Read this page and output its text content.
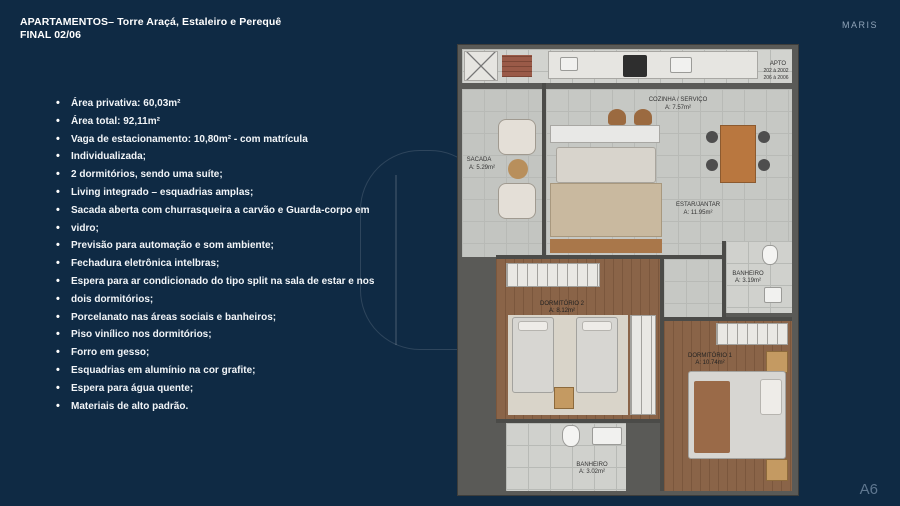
APARTAMENTOS– Torre Araçá, Estaleiro e Perequê
FINAL 02/06
MARIS
• Área privativa: 60,03m²
• Área total: 92,11m²
• Vaga de estacionamento: 10,80m² - com matrícula
• Individualizada;
• 2 dormitórios, sendo uma suíte;
• Living integrado – esquadrias amplas;
• Sacada aberta com churrasqueira a carvão e Guarda-corpo em
• vidro;
• Previsão para automação e som ambiente;
• Fechadura eletrônica intelbras;
• Espera para ar condicionado do tipo split na sala de estar e nos
• dois dormitórios;
• Porcelanato nas áreas sociais e banheiros;
• Piso vinílico nos dormitórios;
• Forro em gesso;
• Esquadrias em alumínio na cor grafite;
• Espera para água quente;
• Materiais de alto padrão.
APTO
202 à 2002
206 à 2006
SACADA
A: 5.29m²
COZINHA / SERVIÇO
A: 7.57m²
ESTAR/JANTAR
A: 11.95m²
BANHEIRO
A: 3.19m²
DORMITÓRIO 2
A: 8.12m²
DORMITÓRIO 1
A: 10.74m²
BANHEIRO
A: 3.02m²
A6
